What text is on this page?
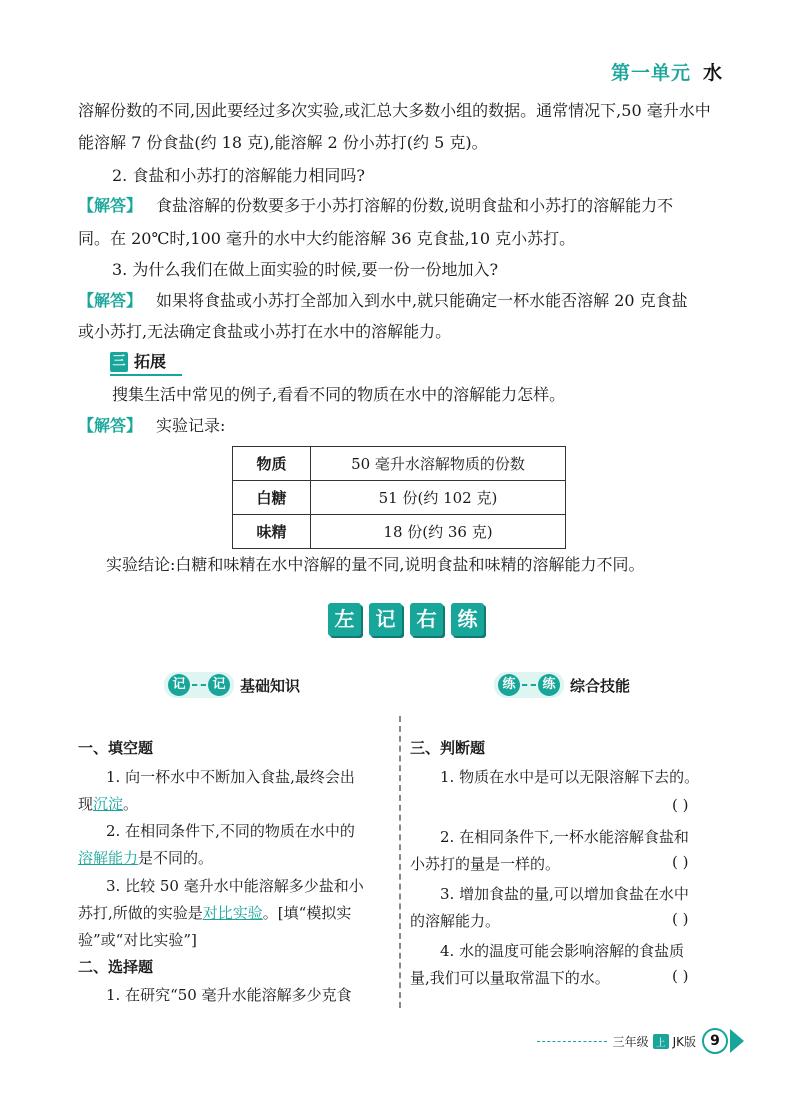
第一单元 水
溶解份数的不同,因此要经过多次实验,或汇总大多数小组的数据。通常情况下,50 毫升水中
能溶解 7 份食盐(约 18 克),能溶解 2 份小苏打(约 5 克)。
2. 食盐和小苏打的溶解能力相同吗?
【解答】 食盐溶解的份数要多于小苏打溶解的份数,说明食盐和小苏打的溶解能力不
同。在 20℃时,100 毫升的水中大约能溶解 36 克食盐,10 克小苏打。
3. 为什么我们在做上面实验的时候,要一份一份地加入?
【解答】 如果将食盐或小苏打全部加入到水中,就只能确定一杯水能否溶解 20 克食盐
或小苏打,无法确定食盐或小苏打在水中的溶解能力。
三 拓展
搜集生活中常见的例子,看看不同的物质在水中的溶解能力怎样。
【解答】 实验记录:
物质	50 毫升水溶解物质的份数
白糖	51 份(约 102 克)
味精	18 份(约 36 克)
实验结论:白糖和味精在水中溶解的量不同,说明食盐和味精的溶解能力不同。
左	记	右	练
记	记 基础知识	练	练 综合技能
一、填空题
1. 向一杯水中不断加入食盐,最终会出
现沉淀。
2. 在相同条件下,不同的物质在水中的
溶解能力是不同的。
3. 比较 50 毫升水中能溶解多少盐和小
苏打,所做的实验是对比实验。[填“模拟实
验”或“对比实验”]
二、选择题
1. 在研究“50 毫升水能溶解多少克食
三、判断题
1. 物质在水中是可以无限溶解下去的。
( )
2. 在相同条件下,一杯水能溶解食盐和
小苏打的量是一样的。	( )
3. 增加食盐的量,可以增加食盐在水中
的溶解能力。	( )
4. 水的温度可能会影响溶解的食盐质
量,我们可以量取常温下的水。	( )
三年级 上 JK版	9
